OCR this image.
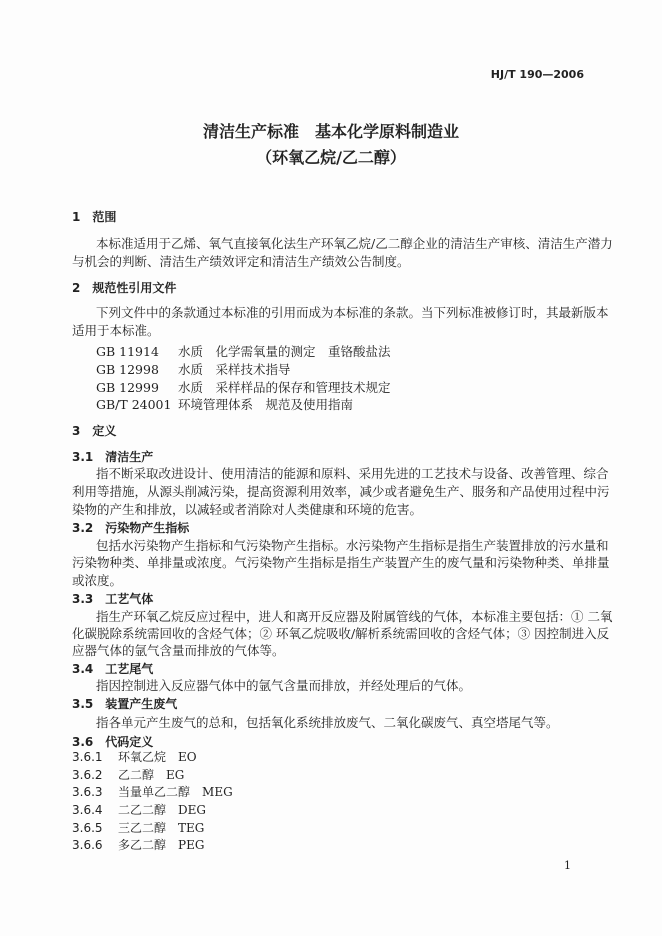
HJ/T 190—2006
清洁生产标准　基本化学原料制造业
（环氧乙烷/乙二醇）
1　 范围
本标准适用于乙烯、氧气直接氧化法生产环氧乙烷/乙二醇企业的清洁生产审核、清洁生产潜力
与机会的判断、清洁生产绩效评定和清洁生产绩效公告制度。
2　 规范性引用文件
下列文件中的条款通过本标准的引用而成为本标准的条款。当下列标准被修订时，其最新版本
适用于本标准。
GB 11914 水质　化学需氧量的测定　重铬酸盐法
GB 12998 水质　采样技术指导
GB 12999 水质　采样样品的保存和管理技术规定
GB/T 24001 环境管理体系　规范及使用指南
3　 定义
3.1　 清洁生产
指不断采取改进设计、使用清洁的能源和原料、采用先进的工艺技术与设备、改善管理、综合
利用等措施，从源头削减污染，提高资源利用效率，减少或者避免生产、服务和产品使用过程中污
染物的产生和排放，以减轻或者消除对人类健康和环境的危害。
3.2　 污染物产生指标
包括水污染物产生指标和气污染物产生指标。水污染物产生指标是指生产装置排放的污水量和
污染物种类、单排量或浓度。气污染物产生指标是指生产装置产生的废气量和污染物种类、单排量
或浓度。
3.3　 工艺气体
指生产环氧乙烷反应过程中，进人和离开反应器及附属管线的气体，本标准主要包括：① 二氧
化碳脱除系统需回收的含烃气体；② 环氧乙烷吸收/解析系统需回收的含烃气体；③ 因控制进入反
应器气体的氩气含量而排放的气体等。
3.4　 工艺尾气
指因控制进入反应器气体中的氩气含量而排放，并经处理后的气体。
3.5　 装置产生废气
指各单元产生废气的总和，包括氧化系统排放废气、二氧化碳废气、真空塔尾气等。
3.6　 代码定义
3.6.1 环氧乙烷　 EO
3.6.2 乙二醇　 EG
3.6.3 当量单乙二醇　 MEG
3.6.4 二乙二醇　 DEG
3.6.5 三乙二醇　 TEG
3.6.6 多乙二醇　 PEG
1
